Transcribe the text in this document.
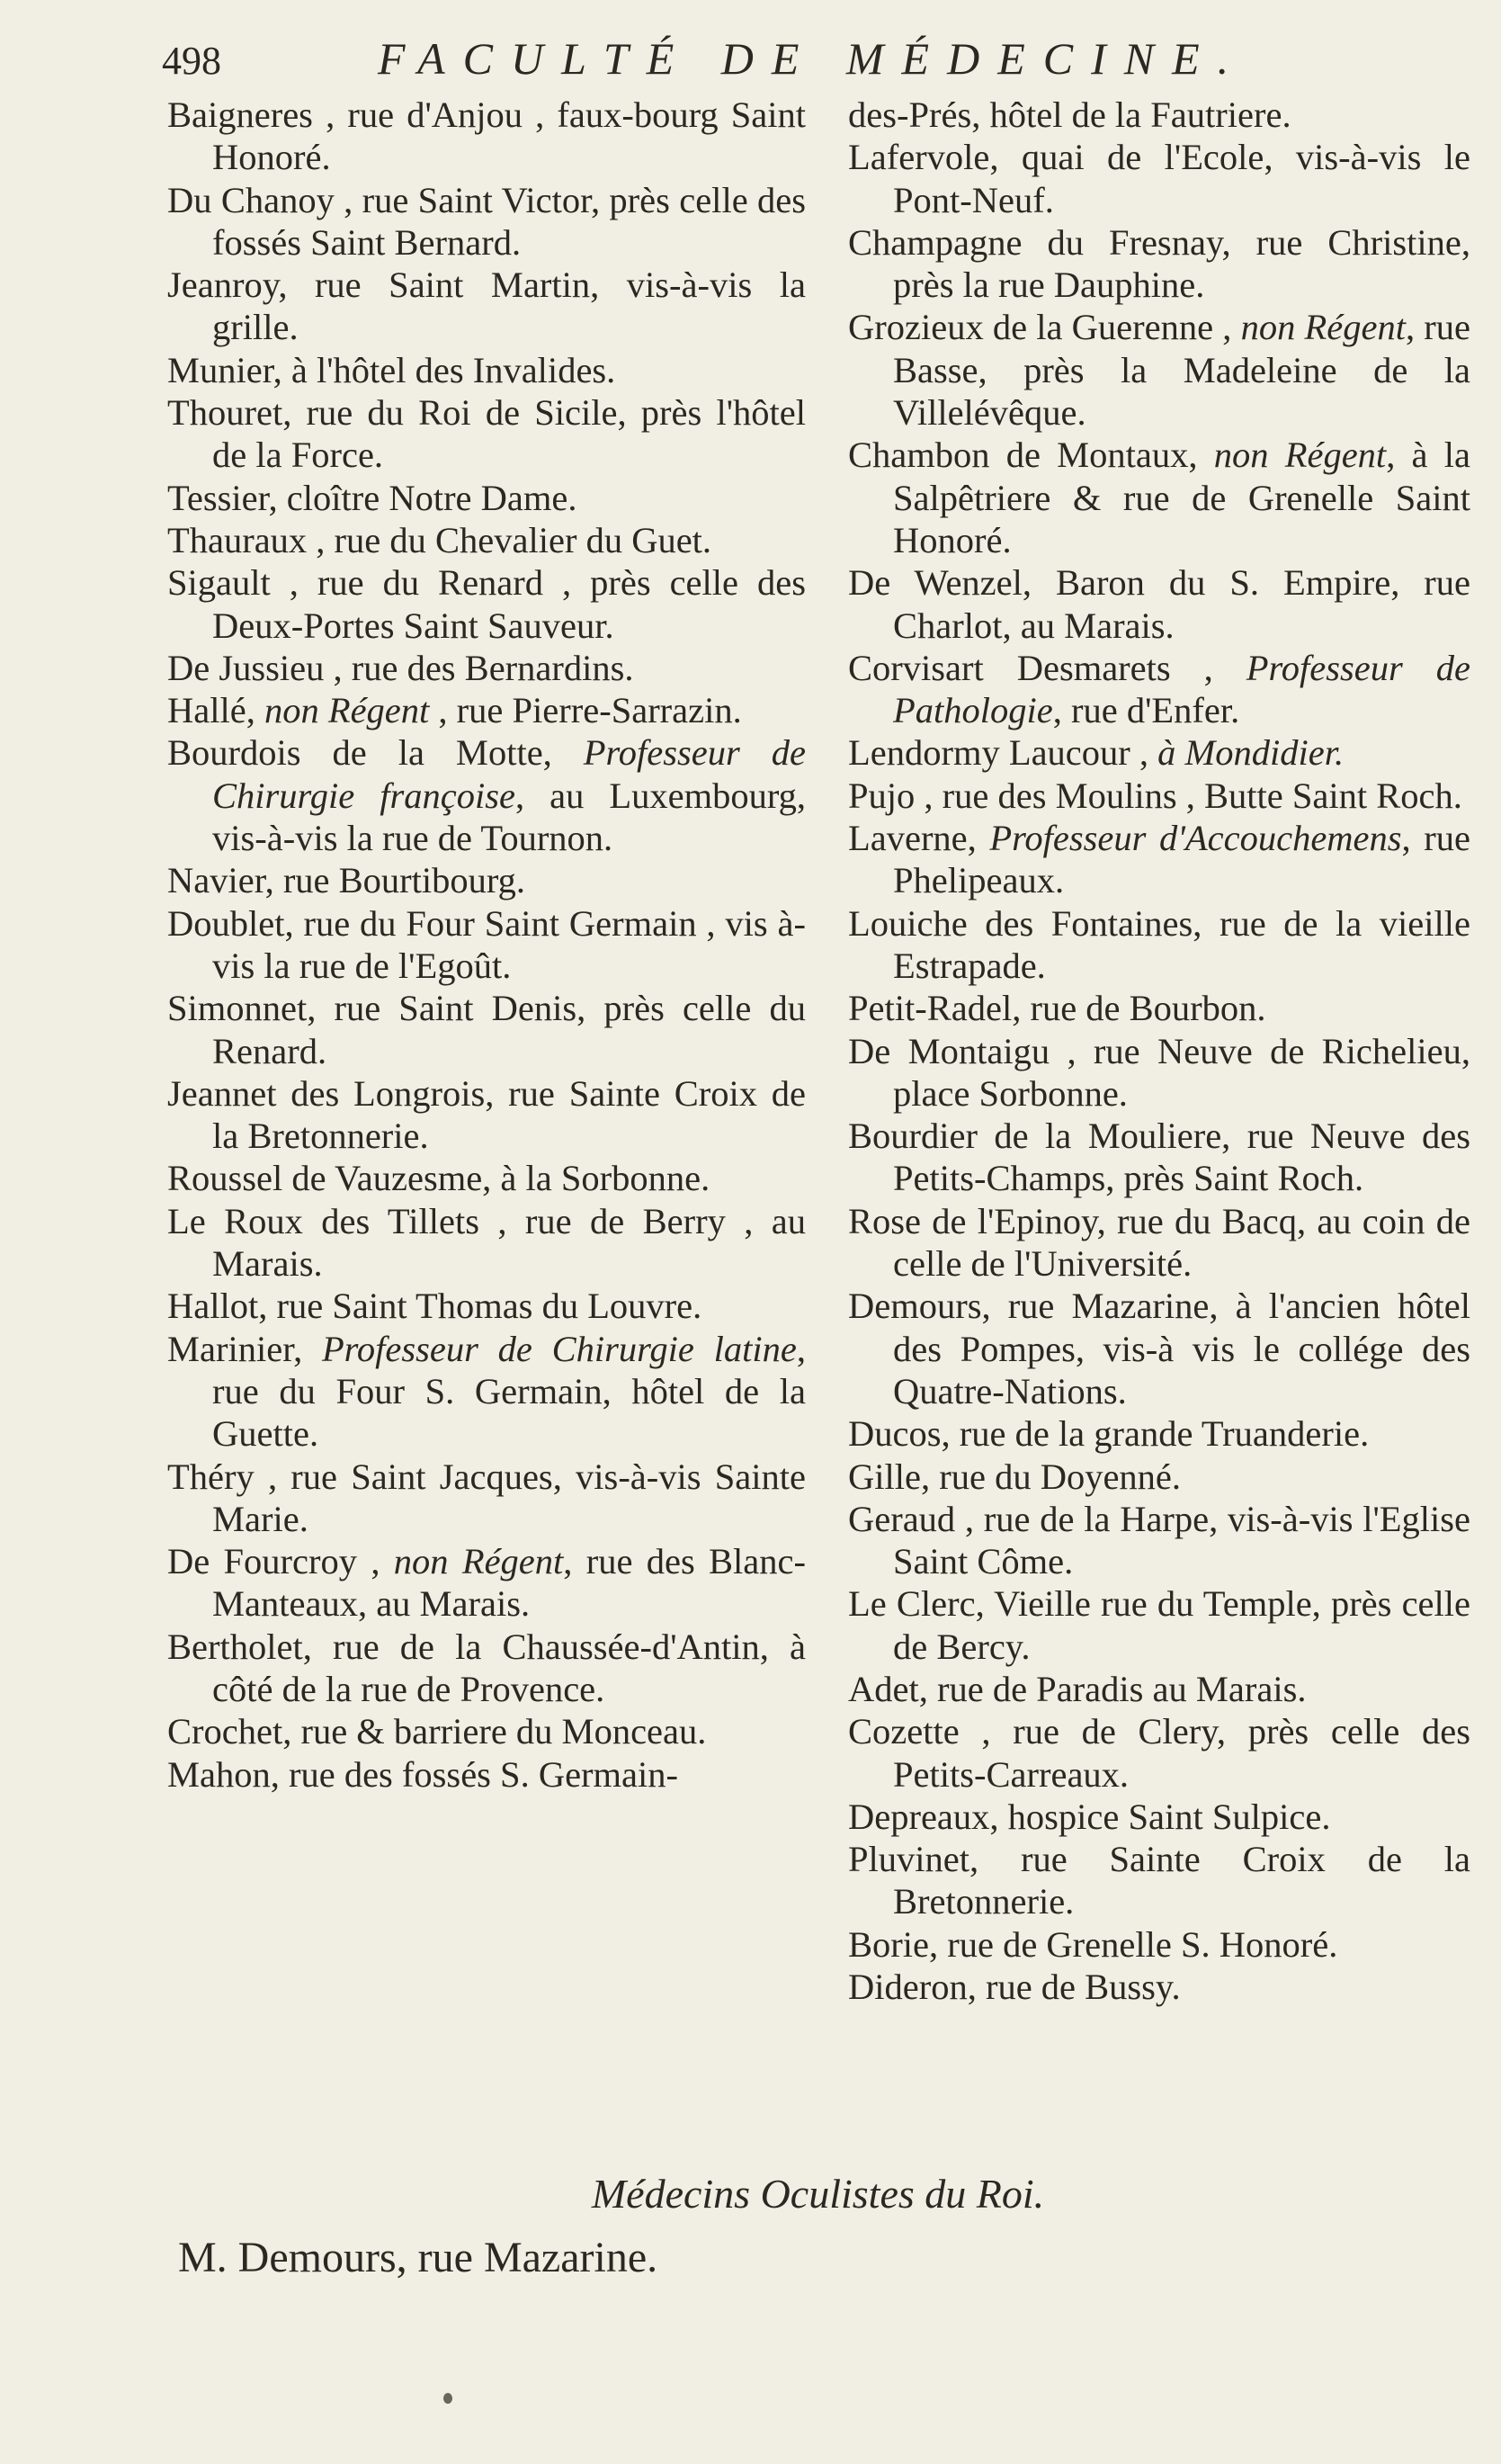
498	FACULTÉ DE MÉDECINE.

Baigneres , rue d'Anjou , faux-bourg Saint Honoré.

Du Chanoy , rue Saint Victor, près celle des fossés Saint Bernard.

Jeanroy, rue Saint Martin, vis-à-vis la grille.

Munier, à l'hôtel des Invalides.

Thouret, rue du Roi de Sicile, près l'hôtel de la Force.

Tessier, cloître Notre Dame.

Thauraux , rue du Chevalier du Guet.

Sigault , rue du Renard , près celle des Deux-Portes Saint Sauveur.

De Jussieu , rue des Bernardins.

Hallé, non Régent , rue Pierre-Sarrazin.

Bourdois de la Motte, Professeur de Chirurgie françoise, au Luxembourg, vis-à-vis la rue de Tournon.

Navier, rue Bourtibourg.

Doublet, rue du Four Saint Germain , vis à-vis la rue de l'Egoût.

Simonnet, rue Saint Denis, près celle du Renard.

Jeannet des Longrois, rue Sainte Croix de la Bretonnerie.

Roussel de Vauzesme, à la Sorbonne.

Le Roux des Tillets , rue de Berry , au Marais.

Hallot, rue Saint Thomas du Louvre.

Marinier, Professeur de Chirurgie latine, rue du Four S. Germain, hôtel de la Guette.

Théry , rue Saint Jacques, vis-à-vis Sainte Marie.

De Fourcroy , non Régent, rue des Blanc-Manteaux, au Marais.

Bertholet, rue de la Chaussée-d'Antin, à côté de la rue de Provence.

Crochet, rue & barriere du Monceau.

Mahon, rue des fossés S. Germain-

des-Prés, hôtel de la Fautriere.

Lafervole, quai de l'Ecole, vis-à-vis le Pont-Neuf.

Champagne du Fresnay, rue Christine, près la rue Dauphine.

Grozieux de la Guerenne , non Régent, rue Basse, près la Madeleine de la Villelévêque.

Chambon de Montaux, non Régent, à la Salpêtriere & rue de Grenelle Saint Honoré.

De Wenzel, Baron du S. Empire, rue Charlot, au Marais.

Corvisart Desmarets , Professeur de Pathologie, rue d'Enfer.

Lendormy Laucour , à Mondidier.

Pujo , rue des Moulins , Butte Saint Roch.

Laverne, Professeur d'Accouchemens, rue Phelipeaux.

Louiche des Fontaines, rue de la vieille Estrapade.

Petit-Radel, rue de Bourbon.

De Montaigu , rue Neuve de Richelieu, place Sorbonne.

Bourdier de la Mouliere, rue Neuve des Petits-Champs, près Saint Roch.

Rose de l'Epinoy, rue du Bacq, au coin de celle de l'Université.

Demours, rue Mazarine, à l'ancien hôtel des Pompes, vis-à vis le collége des Quatre-Nations.

Ducos, rue de la grande Truanderie.

Gille, rue du Doyenné.

Geraud , rue de la Harpe, vis-à-vis l'Eglise Saint Côme.

Le Clerc, Vieille rue du Temple, près celle de Bercy.

Adet, rue de Paradis au Marais.

Cozette , rue de Clery, près celle des Petits-Carreaux.

Depreaux, hospice Saint Sulpice.

Pluvinet, rue Sainte Croix de la Bretonnerie.

Borie, rue de Grenelle S. Honoré.

Dideron, rue de Bussy.

Médecins Oculistes du Roi.
M. Demours, rue Mazarine.
